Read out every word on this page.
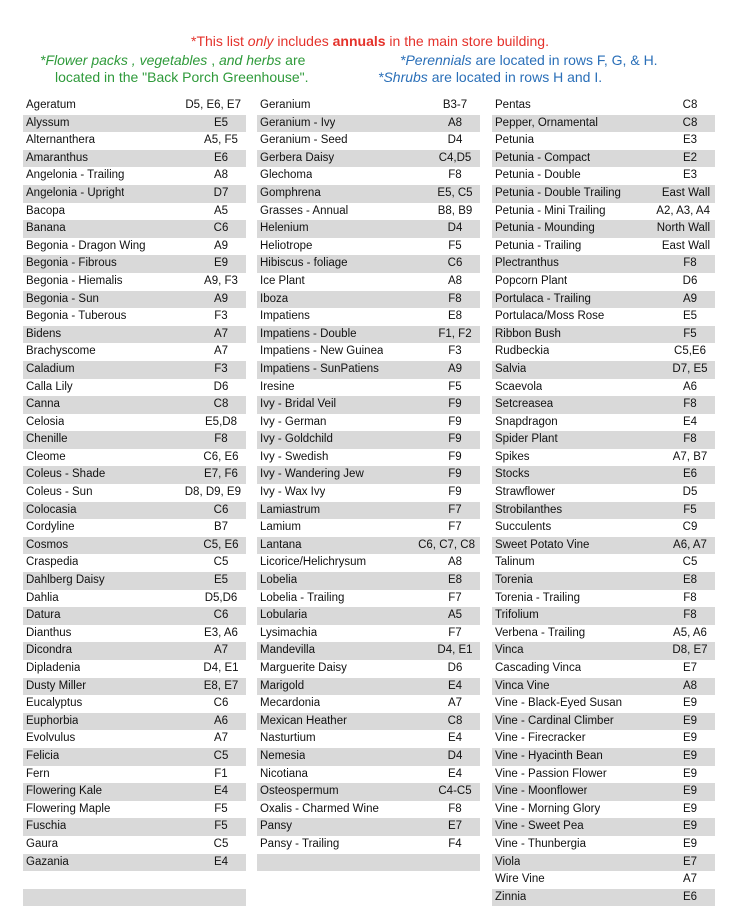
*This list only includes annuals in the main store building.
*Flower packs , vegetables , and herbs are
located in the "Back Porch Greenhouse".
*Perennials are located in rows F, G, & H.
*Shrubs are located in rows H and I.
Ageratum	D5, E6, E7
Alyssum	E5
Alternanthera	A5, F5
Amaranthus	E6
Angelonia - Trailing	A8
Angelonia - Upright	D7
Bacopa	A5
Banana	C6
Begonia - Dragon Wing	A9
Begonia - Fibrous	E9
Begonia - Hiemalis	A9, F3
Begonia - Sun	A9
Begonia - Tuberous	F3
Bidens	A7
Brachyscome	A7
Caladium	F3
Calla Lily	D6
Canna	C8
Celosia	E5,D8
Chenille	F8
Cleome	C6, E6
Coleus - Shade	E7, F6
Coleus - Sun	D8, D9, E9
Colocasia	C6
Cordyline	B7
Cosmos	C5, E6
Craspedia	C5
Dahlberg Daisy	E5
Dahlia	D5,D6
Datura	C6
Dianthus	E3, A6
Dicondra	A7
Dipladenia	D4, E1
Dusty Miller	E8, E7
Eucalyptus	C6
Euphorbia	A6
Evolvulus	A7
Felicia	C5
Fern	F1
Flowering Kale	E4
Flowering Maple	F5
Fuschia	F5
Gaura	C5
Gazania	E4
Geranium	B3-7
Geranium - Ivy	A8
Geranium - Seed	D4
Gerbera Daisy	C4,D5
Glechoma	F8
Gomphrena	E5, C5
Grasses - Annual	B8, B9
Helenium	D4
Heliotrope	F5
Hibiscus - foliage	C6
Ice Plant	A8
Iboza	F8
Impatiens	E8
Impatiens - Double	F1, F2
Impatiens - New Guinea	F3
Impatiens - SunPatiens	A9
Iresine	F5
Ivy - Bridal Veil	F9
Ivy - German	F9
Ivy - Goldchild	F9
Ivy - Swedish	F9
Ivy - Wandering Jew	F9
Ivy - Wax Ivy	F9
Lamiastrum	F7
Lamium	F7
Lantana	C6, C7, C8
Licorice/Helichrysum	A8
Lobelia	E8
Lobelia - Trailing	F7
Lobularia	A5
Lysimachia	F7
Mandevilla	D4, E1
Marguerite Daisy	D6
Marigold	E4
Mecardonia	A7
Mexican Heather	C8
Nasturtium	E4
Nemesia	D4
Nicotiana	E4
Osteospermum	C4-C5
Oxalis - Charmed Wine	F8
Pansy	E7
Pansy - Trailing	F4
Pentas	C8
Pepper, Ornamental	C8
Petunia	E3
Petunia - Compact	E2
Petunia - Double	E3
Petunia - Double Trailing	East Wall
Petunia - Mini Trailing	A2, A3, A4
Petunia - Mounding	North Wall
Petunia - Trailing	East Wall
Plectranthus	F8
Popcorn Plant	D6
Portulaca - Trailing	A9
Portulaca/Moss Rose	E5
Ribbon Bush	F5
Rudbeckia	C5,E6
Salvia	D7, E5
Scaevola	A6
Setcreasea	F8
Snapdragon	E4
Spider Plant	F8
Spikes	A7, B7
Stocks	E6
Strawflower	D5
Strobilanthes	F5
Succulents	C9
Sweet Potato Vine	A6, A7
Talinum	C5
Torenia	E8
Torenia - Trailing	F8
Trifolium	F8
Verbena - Trailing	A5, A6
Vinca	D8, E7
Cascading Vinca	E7
Vinca Vine	A8
Vine - Black-Eyed Susan	E9
Vine - Cardinal Climber	E9
Vine - Firecracker	E9
Vine - Hyacinth Bean	E9
Vine - Passion Flower	E9
Vine - Moonflower	E9
Vine - Morning Glory	E9
Vine - Sweet Pea	E9
Vine - Thunbergia	E9
Viola	E7
Wire Vine	A7
Zinnia	E6
